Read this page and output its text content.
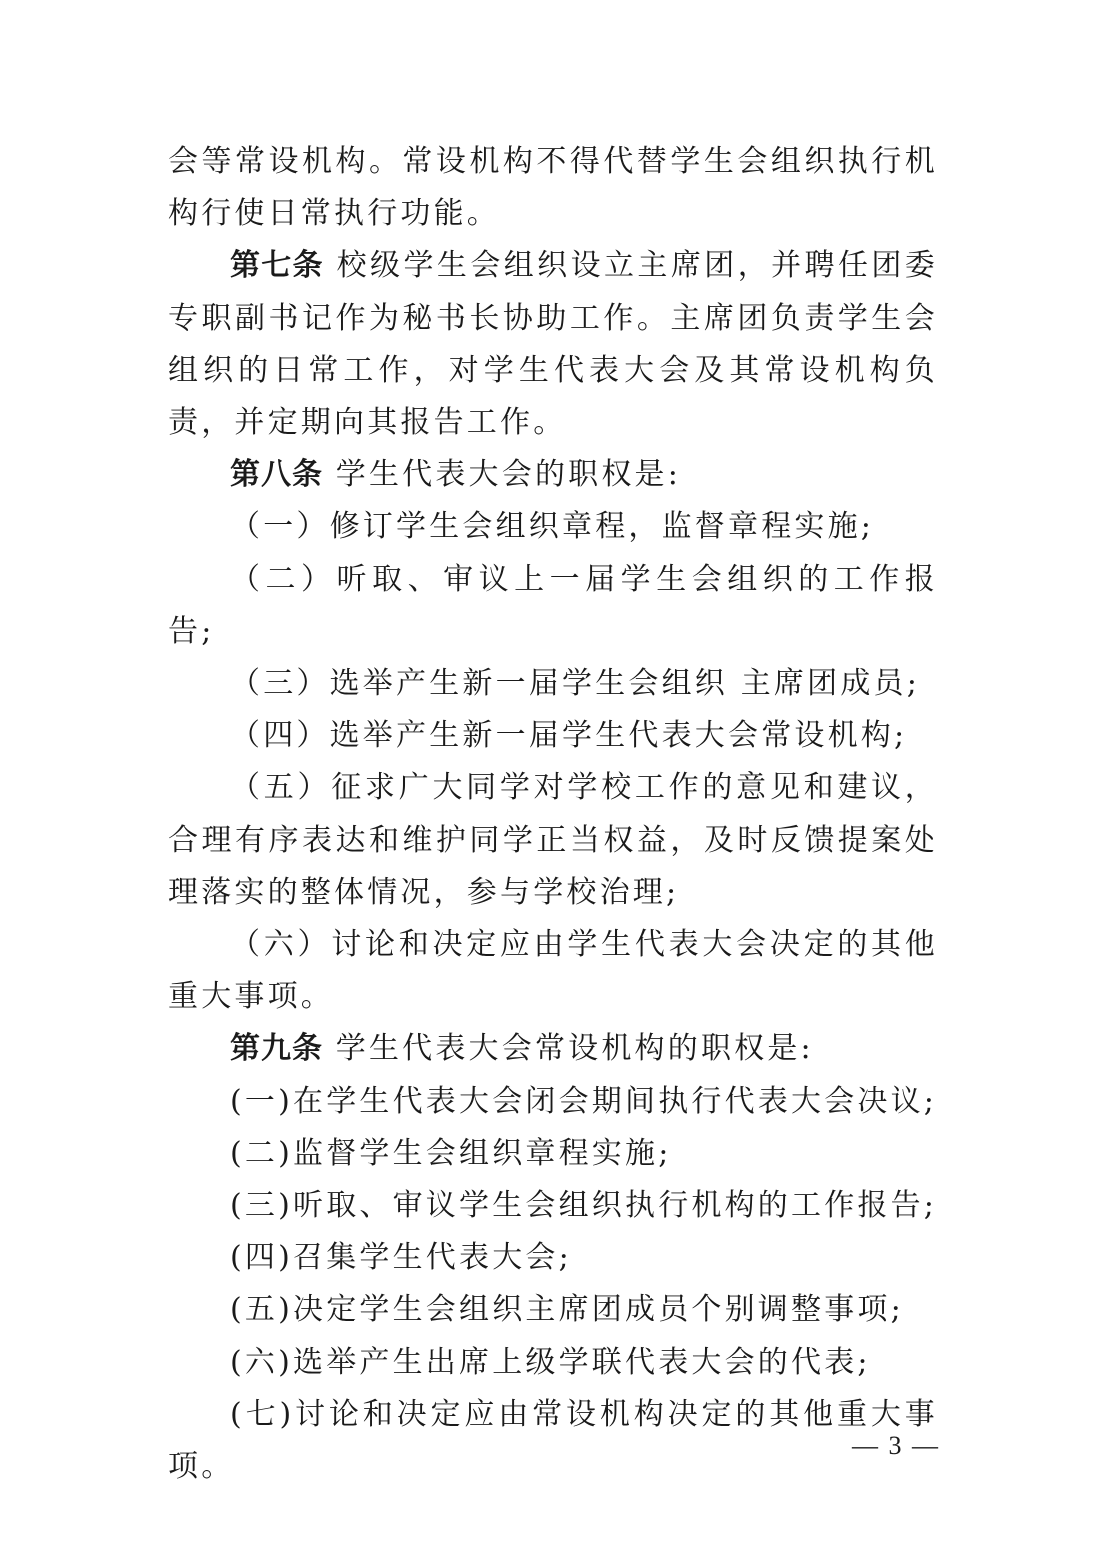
会等常设机构。常设机构不得代替学生会组织执行机构行使日常执行功能。

第七条 校级学生会组织设立主席团，并聘任团委专职副书记作为秘书长协助工作。主席团负责学生会组织的日常工作，对学生代表大会及其常设机构负责，并定期向其报告工作。

第八条 学生代表大会的职权是:

（一）修订学生会组织章程，监督章程实施;

（二）听取、审议上一届学生会组织的工作报告;

（三）选举产生新一届学生会组织 主席团成员;

（四）选举产生新一届学生代表大会常设机构;

（五）征求广大同学对学校工作的意见和建议，合理有序表达和维护同学正当权益，及时反馈提案处理落实的整体情况，参与学校治理;

（六）讨论和决定应由学生代表大会决定的其他重大事项。

第九条 学生代表大会常设机构的职权是:

(一)在学生代表大会闭会期间执行代表大会决议;

(二)监督学生会组织章程实施;

(三)听取、审议学生会组织执行机构的工作报告;

(四)召集学生代表大会;

(五)决定学生会组织主席团成员个别调整事项;

(六)选举产生出席上级学联代表大会的代表;

(七)讨论和决定应由常设机构决定的其他重大事项。

— 3 —
